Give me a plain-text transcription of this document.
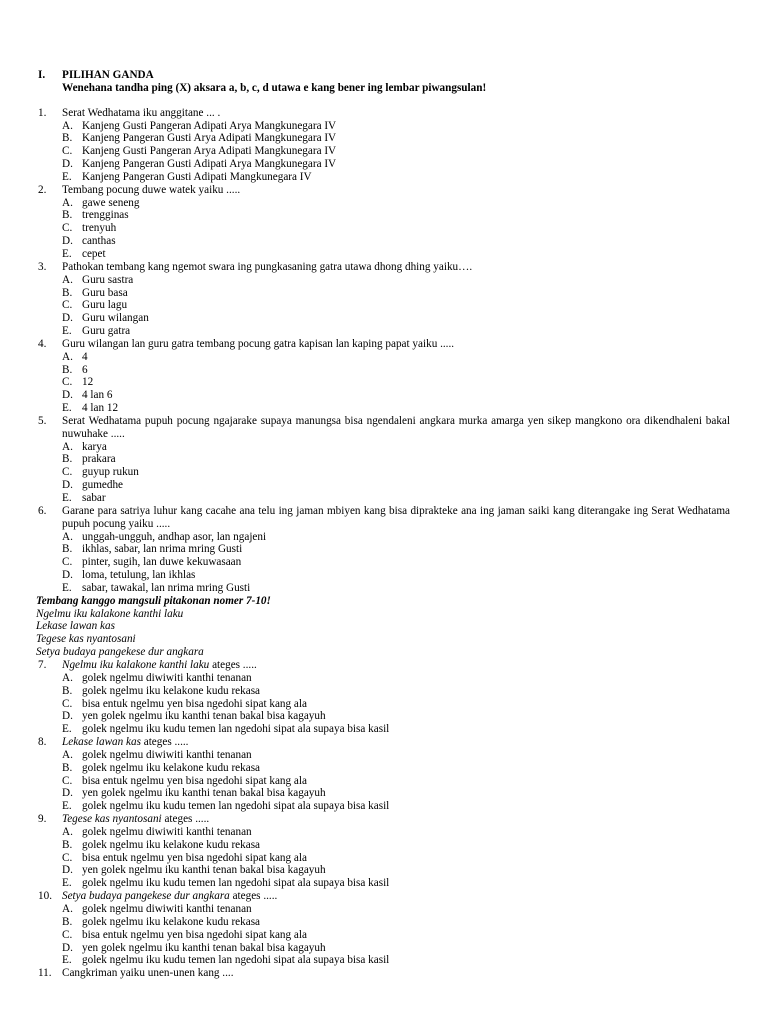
I. PILIHAN GANDA
Wenehana tandha ping (X) aksara a, b, c, d utawa e kang bener ing lembar piwangsulan!
1. Serat Wedhatama iku anggitane ... .
A. Kanjeng Gusti Pangeran Adipati Arya Mangkunegara IV
B. Kanjeng Pangeran Gusti Arya Adipati Mangkunegara IV
C. Kanjeng Gusti Pangeran Arya Adipati Mangkunegara IV
D. Kanjeng Pangeran Gusti Adipati Arya Mangkunegara IV
E. Kanjeng Pangeran Gusti Adipati Mangkunegara IV
2. Tembang pocung duwe watek yaiku .....
A. gawe seneng
B. trengginas
C. trenyuh
D. canthas
E. cepet
3. Pathokan tembang kang ngemot swara ing pungkasaning gatra utawa dhong dhing yaiku….
A. Guru sastra
B. Guru basa
C. Guru lagu
D. Guru wilangan
E. Guru gatra
4. Guru wilangan lan guru gatra tembang pocung gatra kapisan lan kaping papat yaiku .....
A. 4
B. 6
C. 12
D. 4 lan 6
E. 4 lan 12
5. Serat Wedhatama pupuh pocung ngajarake supaya manungsa bisa ngendaleni angkara murka amarga yen sikep mangkono ora dikendhaleni bakal nuwuhake .....
A. karya
B. prakara
C. guyup rukun
D. gumedhe
E. sabar
6. Garane para satriya luhur kang cacahe ana telu ing jaman mbiyen kang bisa diprakteke ana ing jaman saiki kang diterangake ing Serat Wedhatama pupuh pocung yaiku .....
A. unggah-ungguh, andhap asor, lan ngajeni
B. ikhlas, sabar, lan nrima mring Gusti
C. pinter, sugih, lan duwe kekuwasaan
D. loma, tetulung, lan ikhlas
E. sabar, tawakal, lan nrima mring Gusti
Tembang kanggo mangsuli pitakonan nomer 7-10!
Ngelmu iku kalakone kanthi laku
Lekase lawan kas
Tegese kas nyantosani
Setya budaya pangekese dur angkara
7. Ngelmu iku kalakone kanthi laku ateges .....
A. golek ngelmu diwiwiti kanthi tenanan
B. golek ngelmu iku kelakone kudu rekasa
C. bisa entuk ngelmu yen bisa ngedohi sipat kang ala
D. yen golek ngelmu iku kanthi tenan bakal bisa kagayuh
E. golek ngelmu iku kudu temen lan ngedohi sipat ala supaya bisa kasil
8. Lekase lawan kas ateges .....
A. golek ngelmu diwiwiti kanthi tenanan
B. golek ngelmu iku kelakone kudu rekasa
C. bisa entuk ngelmu yen bisa ngedohi sipat kang ala
D. yen golek ngelmu iku kanthi tenan bakal bisa kagayuh
E. golek ngelmu iku kudu temen lan ngedohi sipat ala supaya bisa kasil
9. Tegese kas nyantosani ateges .....
A. golek ngelmu diwiwiti kanthi tenanan
B. golek ngelmu iku kelakone kudu rekasa
C. bisa entuk ngelmu yen bisa ngedohi sipat kang ala
D. yen golek ngelmu iku kanthi tenan bakal bisa kagayuh
E. golek ngelmu iku kudu temen lan ngedohi sipat ala supaya bisa kasil
10. Setya budaya pangekese dur angkara ateges .....
A. golek ngelmu diwiwiti kanthi tenanan
B. golek ngelmu iku kelakone kudu rekasa
C. bisa entuk ngelmu yen bisa ngedohi sipat kang ala
D. yen golek ngelmu iku kanthi tenan bakal bisa kagayuh
E. golek ngelmu iku kudu temen lan ngedohi sipat ala supaya bisa kasil
11. Cangkriman yaiku unen-unen kang ....
